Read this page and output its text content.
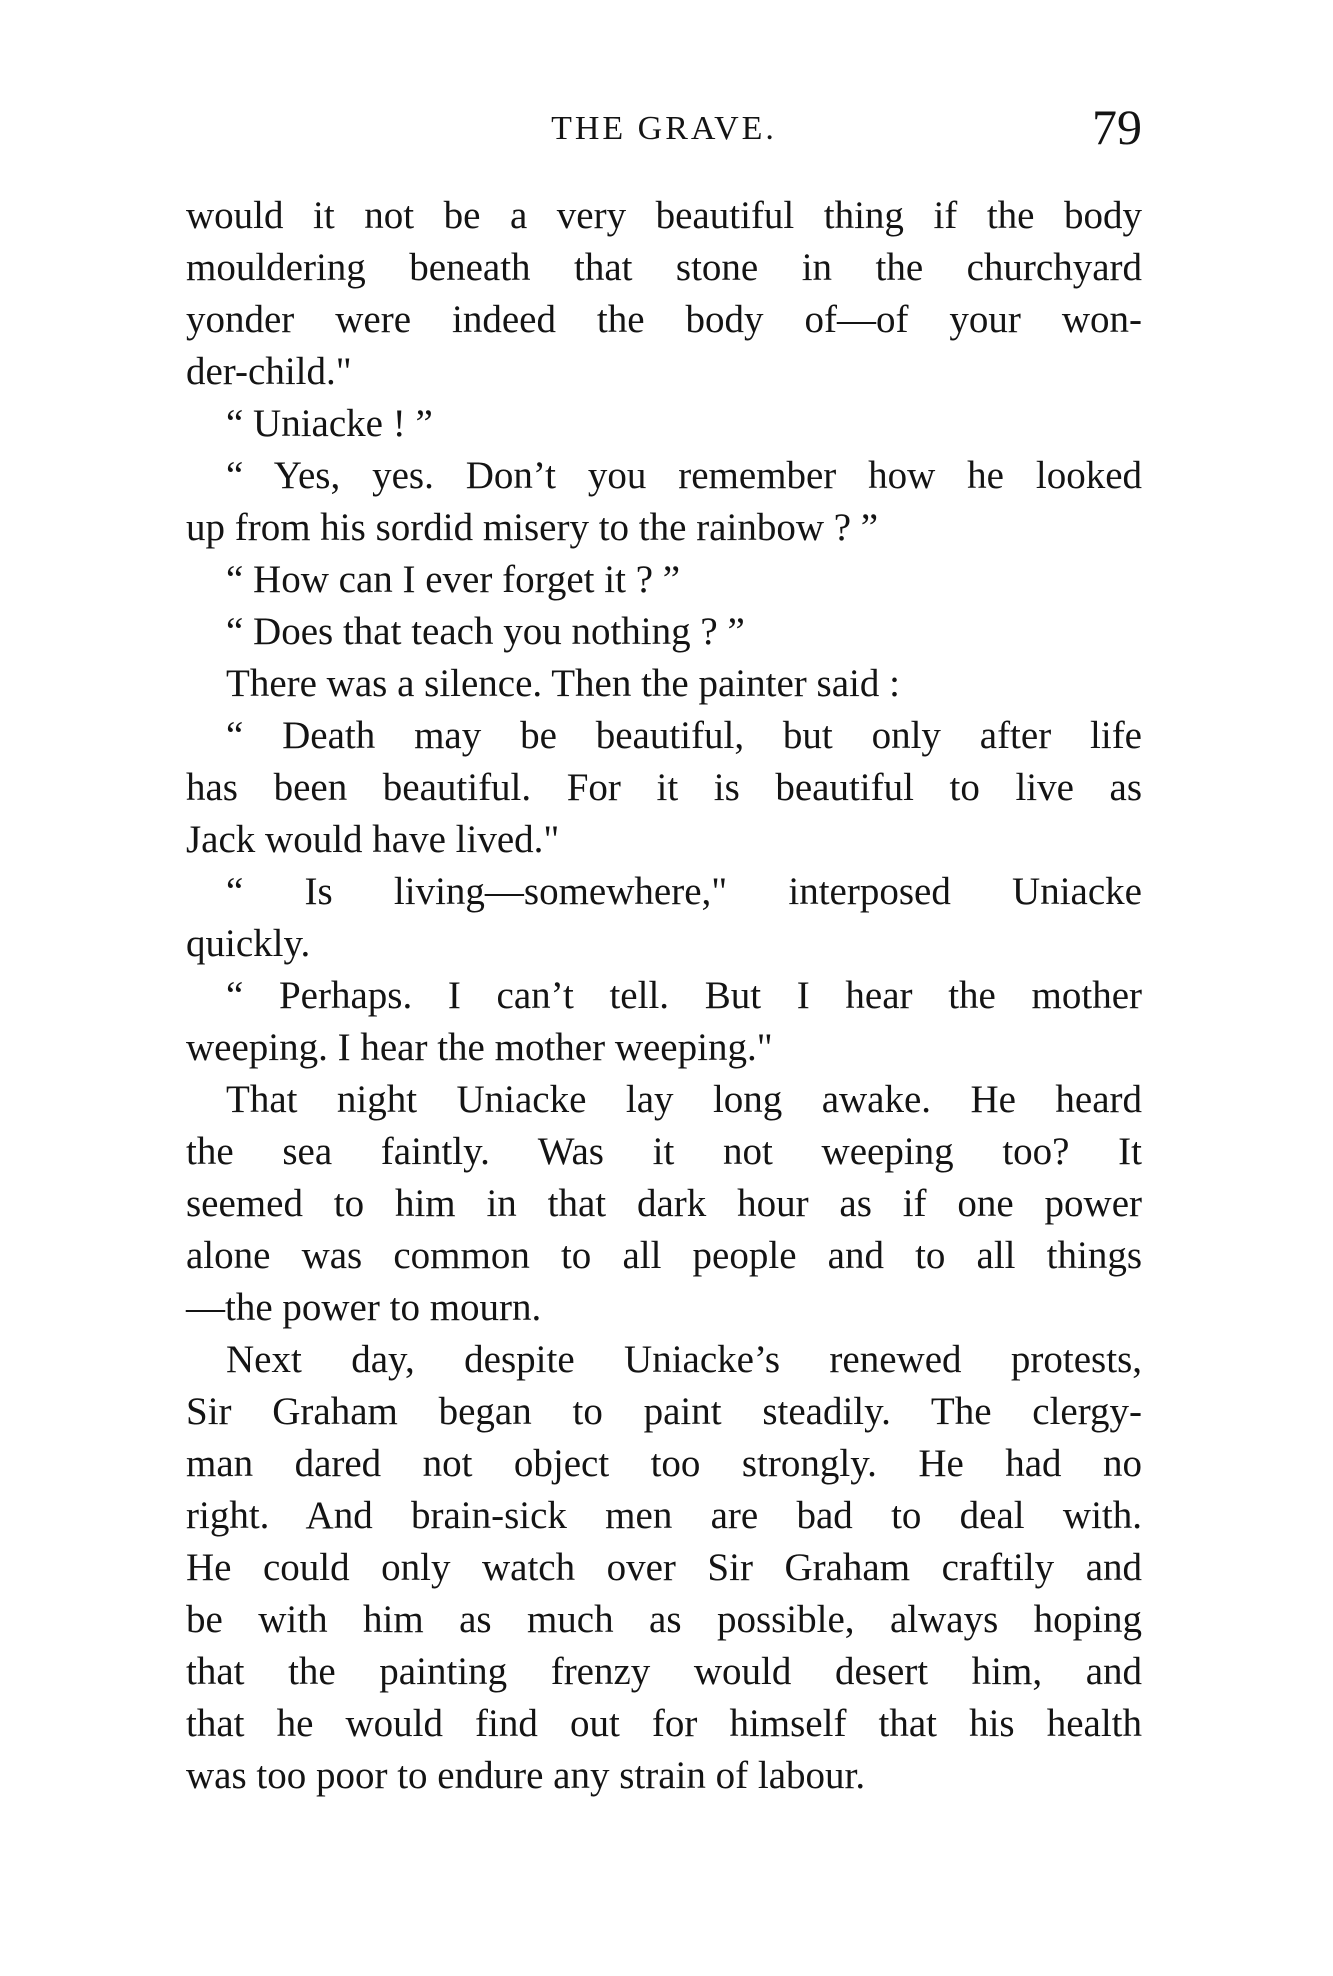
THE GRAVE.	79
would it not be a very beautiful thing if the body
mouldering beneath that stone in the churchyard
yonder were indeed the body of—of your won-
der-child."
“ Uniacke ! ”
“ Yes, yes. Don’t you remember how he looked
up from his sordid misery to the rainbow ? ”
“ How can I ever forget it ? ”
“ Does that teach you nothing ? ”
There was a silence. Then the painter said :
“ Death may be beautiful, but only after life
has been beautiful. For it is beautiful to live as
Jack would have lived."
“ Is living—somewhere," interposed Uniacke
quickly.
“ Perhaps. I can’t tell. But I hear the mother
weeping. I hear the mother weeping."
That night Uniacke lay long awake. He heard
the sea faintly. Was it not weeping too? It
seemed to him in that dark hour as if one power
alone was common to all people and to all things
—the power to mourn.
Next day, despite Uniacke’s renewed protests,
Sir Graham began to paint steadily. The clergy-
man dared not object too strongly. He had no
right. And brain-sick men are bad to deal with.
He could only watch over Sir Graham craftily and
be with him as much as possible, always hoping
that the painting frenzy would desert him, and
that he would find out for himself that his health
was too poor to endure any strain of labour.
